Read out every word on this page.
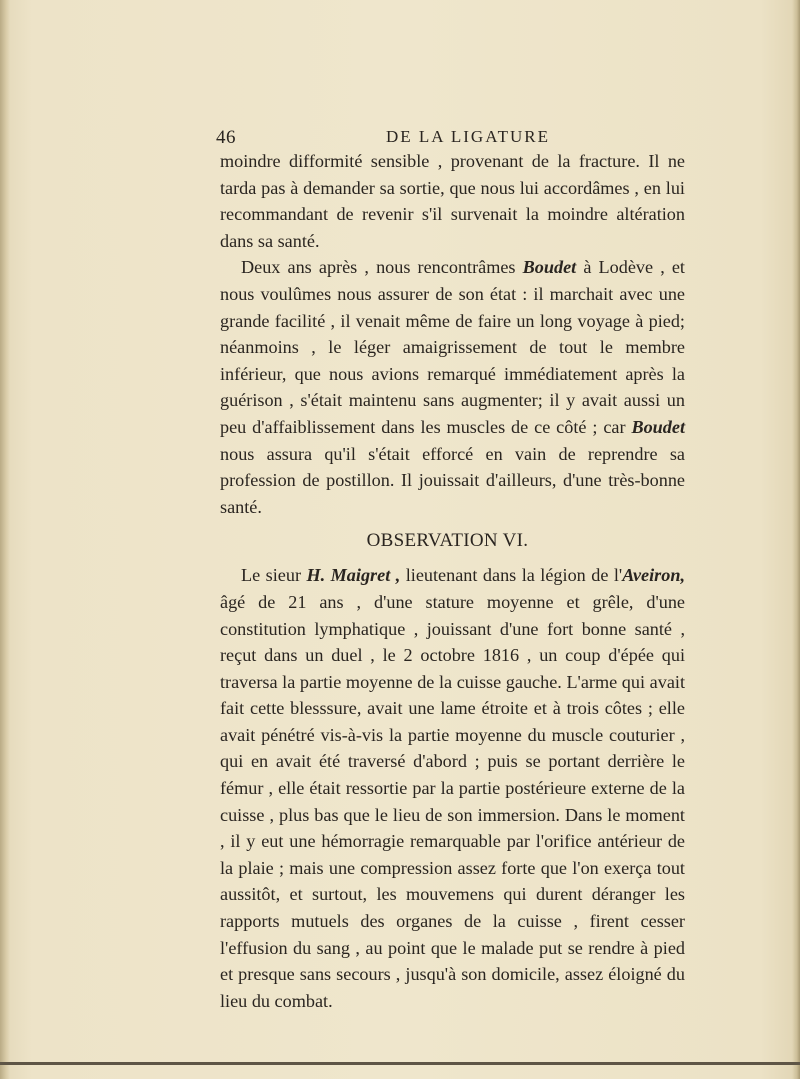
46	DE LA LIGATURE

moindre difformité sensible , provenant de la fracture. Il ne tarda pas à demander sa sortie, que nous lui accordâmes , en lui recommandant de revenir s'il survenait la moindre altération dans sa santé.

Deux ans après , nous rencontrâmes Boudet à Lodève , et nous voulûmes nous assurer de son état : il marchait avec une grande facilité , il venait même de faire un long voyage à pied; néanmoins , le léger amaigrissement de tout le membre inférieur, que nous avions remarqué immédiatement après la guérison , s'était maintenu sans augmenter; il y avait aussi un peu d'affaiblissement dans les muscles de ce côté ; car Boudet nous assura qu'il s'était efforcé en vain de reprendre sa profession de postillon. Il jouissait d'ailleurs, d'une très-bonne santé.

OBSERVATION VI.

Le sieur H. Maigret , lieutenant dans la légion de l'Aveiron, âgé de 21 ans , d'une stature moyenne et grêle, d'une constitution lymphatique , jouissant d'une fort bonne santé , reçut dans un duel , le 2 octobre 1816 , un coup d'épée qui traversa la partie moyenne de la cuisse gauche. L'arme qui avait fait cette blesssure, avait une lame étroite et à trois côtes ; elle avait pénétré vis-à-vis la partie moyenne du muscle couturier , qui en avait été traversé d'abord ; puis se portant derrière le fémur , elle était ressortie par la partie postérieure externe de la cuisse , plus bas que le lieu de son immersion. Dans le moment , il y eut une hémorragie remarquable par l'orifice antérieur de la plaie ; mais une compression assez forte que l'on exerça tout aussitôt, et surtout, les mouvemens qui durent déranger les rapports mutuels des organes de la cuisse , firent cesser l'effusion du sang , au point que le malade put se rendre à pied et presque sans secours , jusqu'à son domicile, assez éloigné du lieu du combat.
